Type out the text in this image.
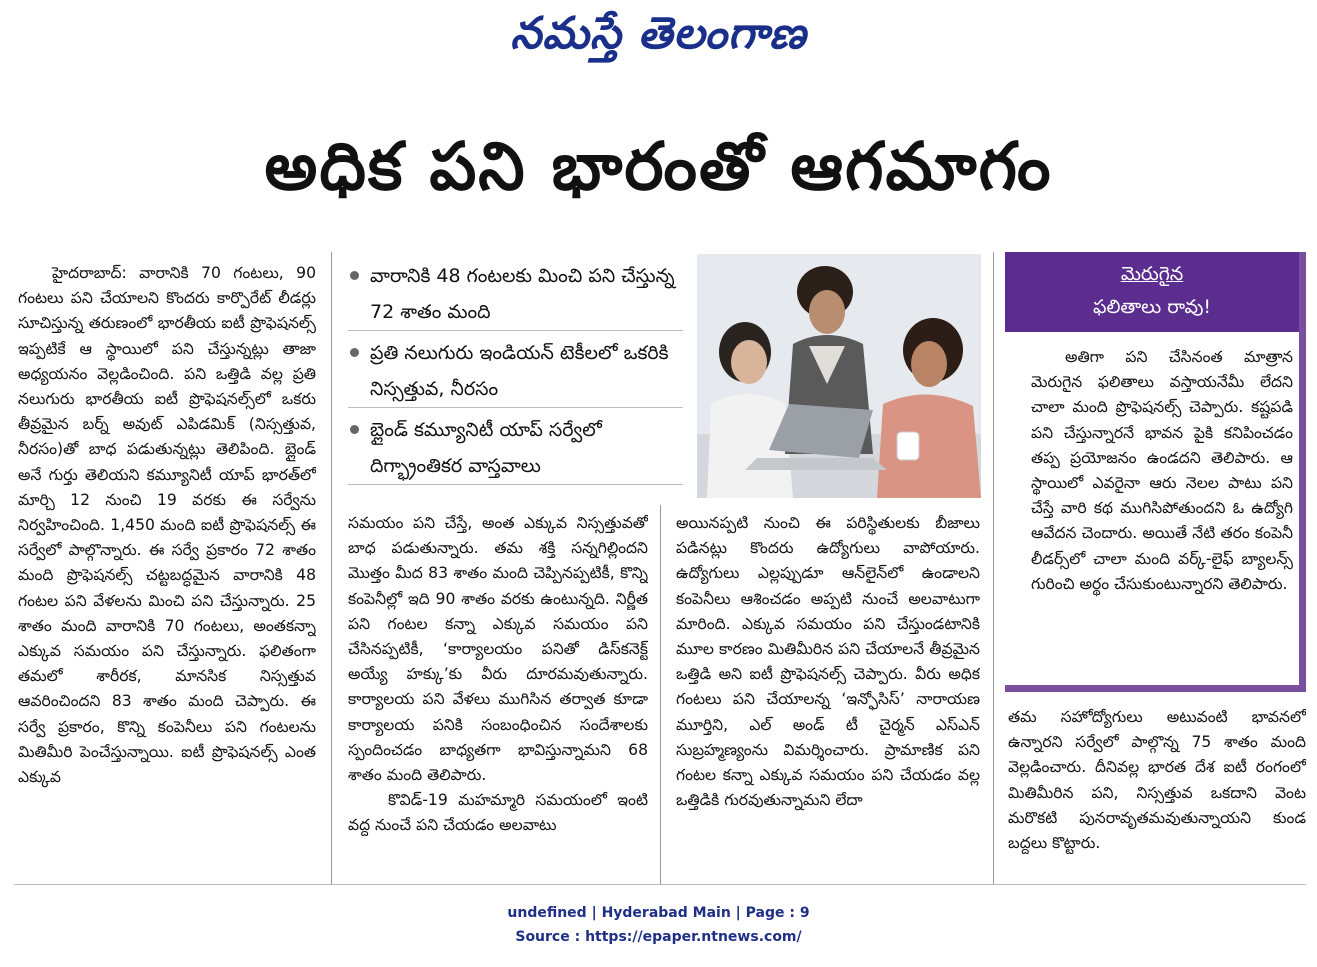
నమస్తే తెలంగాణ
అధిక పని భారంతో ఆగమాగం

హైదరాబాద్: వారానికి 70 గంటలు, 90 గంటలు పని చేయాలని కొందరు కార్పొరేట్ లీడర్లు సూచిస్తున్న తరుణంలో భారతీయ ఐటీ ప్రొఫెషనల్స్ ఇప్పటికే ఆ స్థాయిలో పని చేస్తున్నట్లు తాజా అధ్యయనం వెల్లడించింది. పని ఒత్తిడి వల్ల ప్రతి నలుగురు భారతీయ ఐటీ ప్రొఫెషనల్స్‌లో ఒకరు తీవ్రమైన బర్న్ అవుట్ ఎపిడమిక్ (నిస్సత్తువ, నీరసం)తో బాధ పడుతున్నట్లు తెలిపింది. బ్లైండ్ అనే గుర్తు తెలియని కమ్యూనిటీ యాప్ భారత్‌లో మార్చి 12 నుంచి 19 వరకు ఈ సర్వేను నిర్వహించింది. 1,450 మంది ఐటీ ప్రొఫెషనల్స్ ఈ సర్వేలో పాల్గొన్నారు. ఈ సర్వే ప్రకారం 72 శాతం మంది ప్రొఫెషనల్స్ చట్టబద్ధమైన వారానికి 48 గంటల పని వేళలను మించి పని చేస్తున్నారు. 25 శాతం మంది వారానికి 70 గంటలు, అంతకన్నా ఎక్కువ సమయం పని చేస్తున్నారు. ఫలితంగా తమలో శారీరక, మానసిక నిస్సత్తువ ఆవరించిందని 83 శాతం మంది చెప్పారు. ఈ సర్వే ప్రకారం, కొన్ని కంపెనీలు పని గంటలను మితిమీరి పెంచేస్తున్నాయి. ఐటీ ప్రొఫెషనల్స్ ఎంత ఎక్కువ

వారానికి 48 గంటలకు మించి పని చేస్తున్న 72 శాతం మంది
ప్రతి నలుగురు ఇండియన్ టెకీలలో ఒకరికి నిస్సత్తువ, నీరసం
బ్లైండ్ కమ్యూనిటీ యాప్ సర్వేలో దిగ్భ్రాంతికర వాస్తవాలు

సమయం పని చేస్తే, అంత ఎక్కువ నిస్సత్తువతో బాధ పడుతున్నారు. తమ శక్తి సన్నగిల్లిందని మొత్తం మీద 83 శాతం మంది చెప్పినప్పటికీ, కొన్ని కంపెనీల్లో ఇది 90 శాతం వరకు ఉంటున్నది. నిర్ణీత పని గంటల కన్నా ఎక్కువ సమయం పని చేసినప్పటికీ, ‘కార్యాలయం పనితో డిస్‌కనెక్ట్ అయ్యే హక్కు’కు వీరు దూరమవుతున్నారు. కార్యాలయ పని వేళలు ముగిసిన తర్వాత కూడా కార్యాలయ పనికి సంబంధించిన సందేశాలకు స్పందించడం బాధ్యతగా భావిస్తున్నామని 68 శాతం మంది తెలిపారు.

కొవిడ్-19 మహమ్మారి సమయంలో ఇంటి వద్ద నుంచే పని చేయడం అలవాటు

అయినప్పటి నుంచి ఈ పరిస్థితులకు బీజాలు పడినట్లు కొందరు ఉద్యోగులు వాపోయారు. ఉద్యోగులు ఎల్లప్పుడూ ఆన్‌లైన్‌లో ఉండాలని కంపెనీలు ఆశించడం అప్పటి నుంచే అలవాటుగా మారింది. ఎక్కువ సమయం పని చేస్తుండటానికి మూల కారణం మితిమీరిన పని చేయాలనే తీవ్రమైన ఒత్తిడి అని ఐటీ ప్రొఫెషనల్స్ చెప్పారు. వీరు అధిక గంటలు పని చేయాలన్న ‘ఇన్ఫోసిస్’ నారాయణ మూర్తిని, ఎల్ అండ్ టీ చైర్మన్ ఎస్ఎన్ సుబ్రహ్మణ్యంను విమర్శించారు. ప్రామాణిక పని గంటల కన్నా ఎక్కువ సమయం పని చేయడం వల్ల ఒత్తిడికి గురవుతున్నామని లేదా

మెరుగైన
ఫలితాలు రావు!
అతిగా పని చేసినంత మాత్రాన మెరుగైన ఫలితాలు వస్తాయనేమీ లేదని చాలా మంది ప్రొఫెషనల్స్ చెప్పారు. కష్టపడి పని చేస్తున్నారనే భావన పైకి కనిపించడం తప్ప ప్రయోజనం ఉండదని తెలిపారు. ఆ స్థాయిలో ఎవరైనా ఆరు నెలల పాటు పని చేస్తే వారి కథ ముగిసిపోతుందని ఓ ఉద్యోగి ఆవేదన చెందారు. అయితే నేటి తరం కంపెనీ లీడర్స్‌లో చాలా మంది వర్క్-లైఫ్ బ్యాలన్స్ గురించి అర్థం చేసుకుంటున్నారని తెలిపారు.

తమ సహోద్యోగులు అటువంటి భావనలో ఉన్నారని సర్వేలో పాల్గొన్న 75 శాతం మంది వెల్లడించారు. దీనివల్ల భారత దేశ ఐటీ రంగంలో మితిమీరిన పని, నిస్సత్తువ ఒకదాని వెంట మరొకటి పునరావృతమవుతున్నాయని కుండ బద్దలు కొట్టారు.

undefined | Hyderabad Main | Page : 9
Source : https://epaper.ntnews.com/
